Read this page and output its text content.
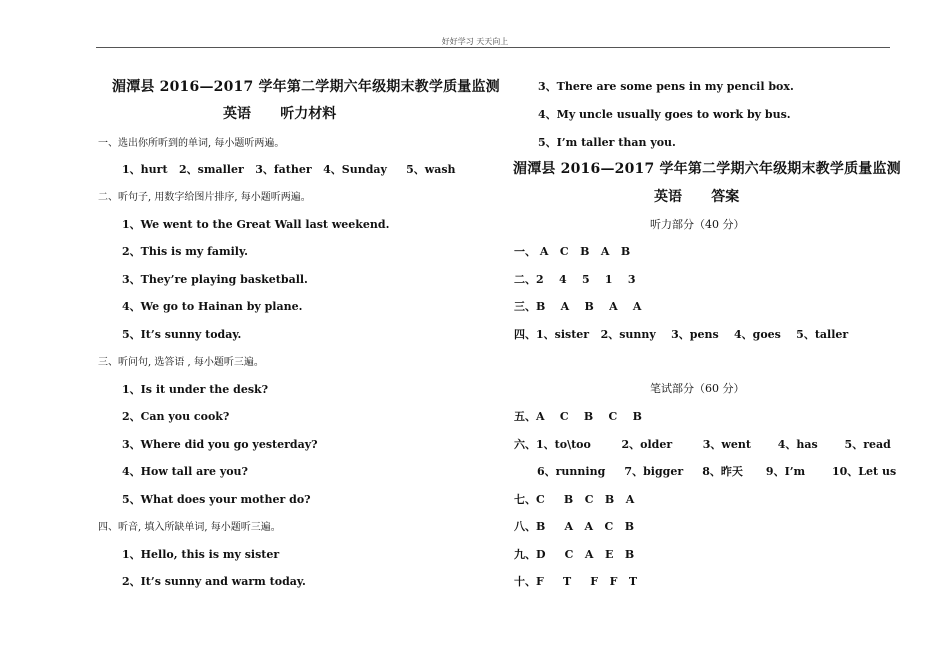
好好学习 天天向上
湄潭县 2016—2017 学年第二学期六年级期末教学质量监测
英语      听力材料
一、选出你所听到的单词, 每小题听两遍。
1、hurt   2、smaller   3、father   4、Sunday     5、wash
二、听句子, 用数字给图片排序, 每小题听两遍。
1、We went to the Great Wall last weekend.
2、This is my family.
3、They’re playing basketball.
4、We go to Hainan by plane.
5、It’s sunny today.
三、听问句, 选答语 , 每小题听三遍。
1、Is it under the desk?
2、Can you cook?
3、Where did you go yesterday?
4、How tall are you?
5、What does your mother do?
四、听音, 填入所缺单词, 每小题听三遍。
1、Hello, this is my sister
2、It’s sunny and warm today.
3、There are some pens in my pencil box.
4、My uncle usually goes to work by bus.
5、I’m taller than you.
湄潭县 2016—2017 学年第二学期六年级期末教学质量监测
英语      答案
听力部分（40 分）
一、 A   C   B   A   B
二、2    4    5    1    3
三、B    A    B    A    A
四、1、sister   2、sunny    3、pens    4、goes    5、taller
笔试部分（60 分）
五、A    C    B    C    B
六、1、to\too        2、older        3、went       4、has       5、read
6、running     7、bigger     8、昨天      9、I’m       10、Let us
七、C     B   C   B   A
八、B     A   A   C   B
九、D     C   A   E   B
十、F     T     F   F   T
